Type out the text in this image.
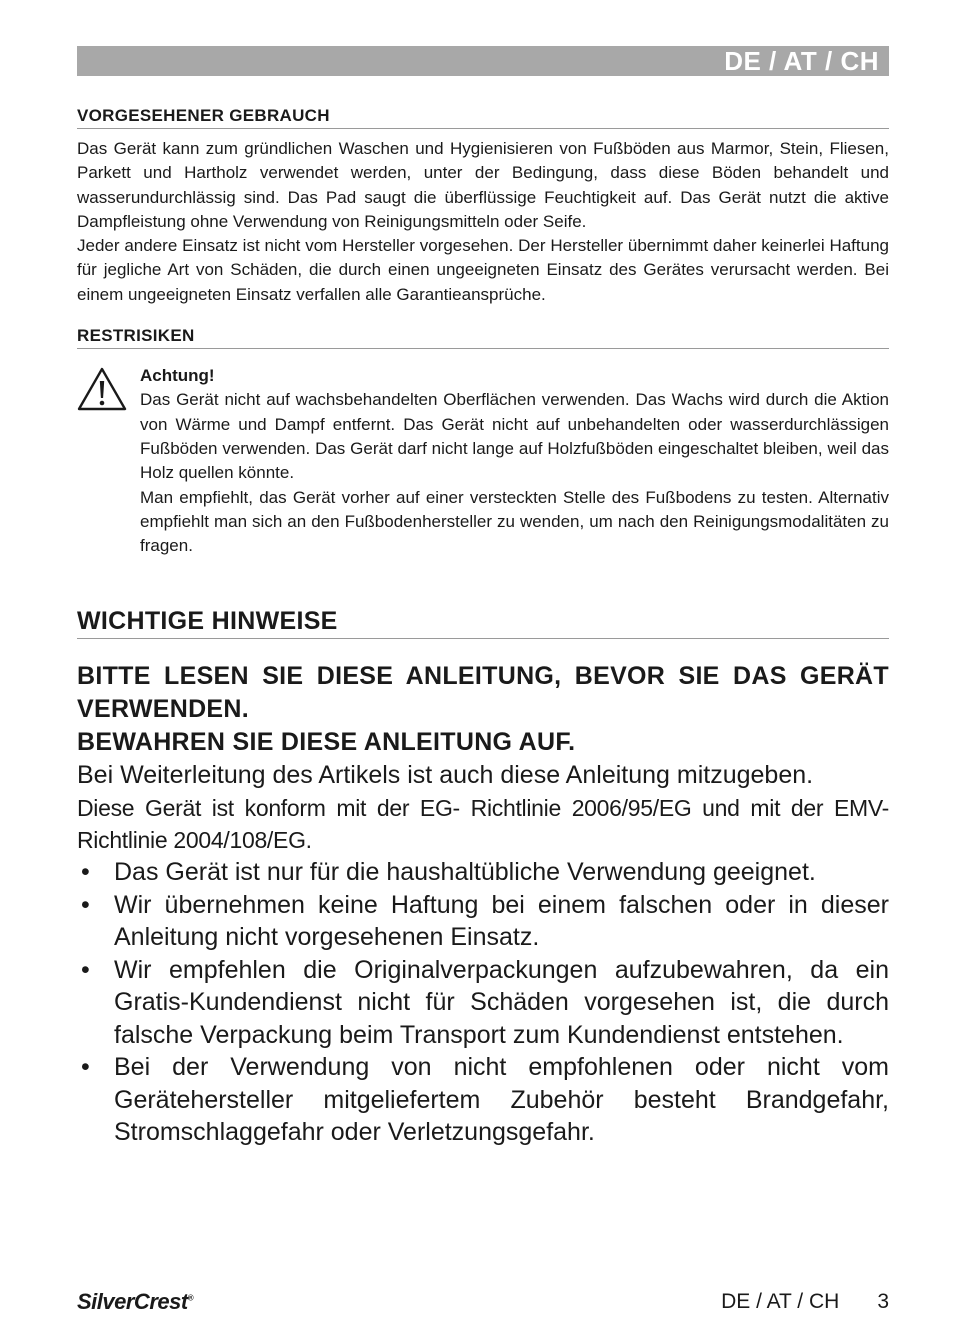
DE / AT / CH
VORGESEHENER GEBRAUCH

Das Gerät kann zum gründlichen Waschen und Hygienisieren von Fußböden aus Marmor, Stein, Fliesen, Parkett und Hartholz verwendet werden, unter der Bedingung, dass diese Böden behandelt und wasserundurchlässig sind. Das Pad saugt die überflüssige Feuchtigkeit auf. Das Gerät nutzt die aktive Dampfleistung ohne Verwendung von Reinigungsmitteln oder Seife.

Jeder andere Einsatz ist nicht vom Hersteller vorgesehen. Der Hersteller übernimmt daher keinerlei Haftung für jegliche Art von Schäden, die durch einen ungeeigneten Einsatz des Gerätes verursacht werden. Bei einem ungeeigneten Einsatz verfallen alle Garantieansprüche.

RESTRISIKEN

Achtung!

Das Gerät nicht auf wachsbehandelten Oberflächen verwenden. Das Wachs wird durch die Aktion von Wärme und Dampf entfernt. Das Gerät nicht auf unbehandelten oder wasserdurchlässigen Fußböden verwenden. Das Gerät darf nicht lange auf Holzfußböden eingeschaltet bleiben, weil das Holz quellen könnte.

Man empfiehlt, das Gerät vorher auf einer versteckten Stelle des Fußbodens zu testen. Alternativ empfiehlt man sich an den Fußbodenhersteller zu wenden, um nach den Reinigungsmodalitäten zu fragen.

WICHTIGE HINWEISE

BITTE LESEN SIE DIESE ANLEITUNG, BEVOR SIE DAS GERÄT VERWENDEN.

BEWAHREN SIE DIESE ANLEITUNG AUF.

Bei Weiterleitung des Artikels ist auch diese Anleitung mitzugeben.

Diese Gerät ist konform mit der EG- Richtlinie 2006/95/EG und mit der EMV-Richtlinie 2004/108/EG.

• Das Gerät ist nur für die haushaltübliche Verwendung geeignet.
• Wir übernehmen keine Haftung bei einem falschen oder in dieser Anleitung nicht vorgesehenen Einsatz.
• Wir empfehlen die Originalverpackungen aufzubewahren, da ein Gratis-Kundendienst nicht für Schäden vorgesehen ist, die durch falsche Verpackung beim Transport zum Kundendienst entstehen.
• Bei der Verwendung von nicht empfohlenen oder nicht vom Gerätehersteller mitgeliefertem Zubehör besteht Brandgefahr, Stromschlaggefahr oder Verletzungsgefahr.
SilverCrest®	DE / AT / CH 3
